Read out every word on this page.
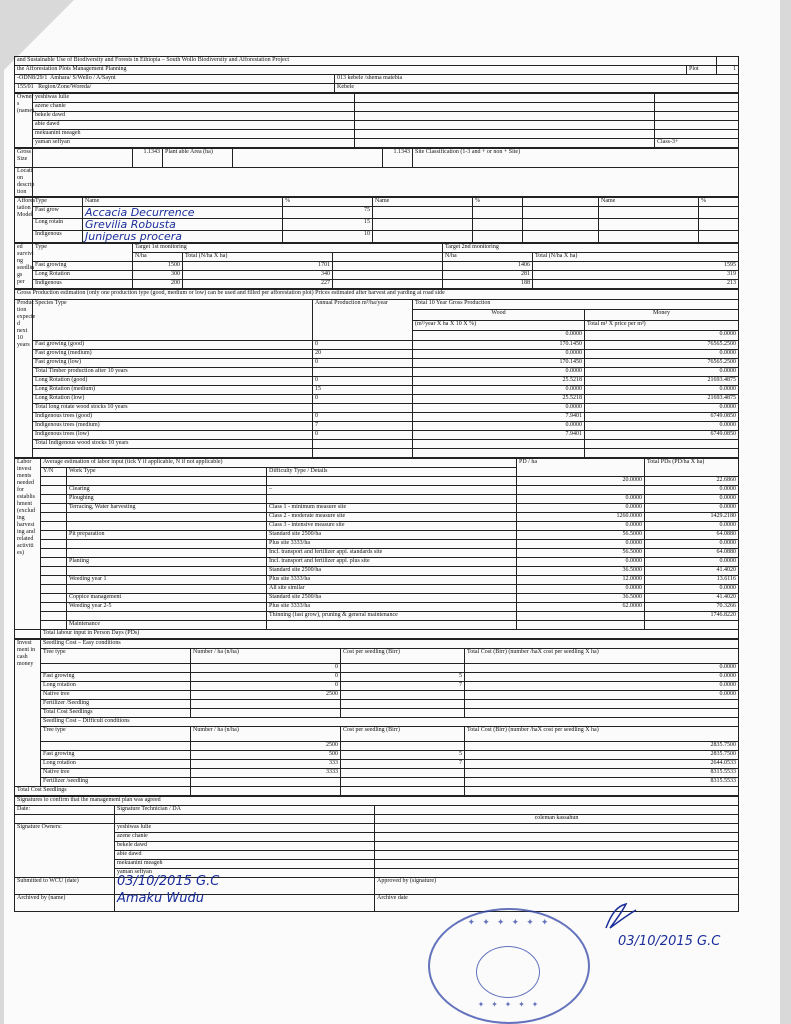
and Sustainable Use of Biodiversity and Forests in Ethiopia – South Wollo Biodiversity and Afforestation Project			
the Afforestation Plots Management Planning		Plot	1
-ODN8/29/1 Amhara/ S/Wello / A/Saynt	013 kebele /shema matebia		
155/01 Region/Zone/Woreda/	Kebele		
Owner s (name)	yeshiwas lulie		
	azene chanie		
	bekele dawd		
	abie dawd		
	mekuanint meageh		
	yaman sefiyan		Class-3+
Gross Size		1.1343	Plant able Area (ha)		1.1343	Site Classification (1-3 and + or non + Site)
Locati on descrip tion						
Affores tation Model	Type	Name	%	Name	%		Name	%
	Fast grow	Accacia Decurrence	75					
	Long rotatn	Grevilia Robusta	15					
	Indigenous	Juniperus procera	10					
ed survivi ng seedlin gs per	Type	Target 1st monitoring			Target 2nd monitoring	
		N/ha	Total (N/ha X ha)		N/ha	Total (N/ha X ha)
	Fast growing	1500	1701		1406	1595
	Long Rotation	300	340		281	319
	Indigenous	200	227		188	213
Gross Production estimation (only one production type (good, medium or low) can be used and filled per afforestation plot) Prices estimated after harvest and yarding at road side				
Produc tion expecte d next 10 years	Species Type	Annual Production m³/ha/year	Total 10 Year Gross Production	
			Wood	Money
			(m³/year X ha X 10 X %)	Total m³ X price per m³)
			0.0000	0.0000
	Fast growing (good)	0	170.1450	76565.2500
	Fast growing (medium)	20	0.0000	0.0000
	Fast growing (low)	0	170.1450	76565.2500
	Total Timber production after 10 years		0.0000	0.0000
	Long Rotation (good)	0	25.5218	21693.4875
	Long Rotation (medium)	15	0.0000	0.0000
	Long Rotation (low)	0	25.5218	21693.4875
	Total long rotate wood stocks 10 years		0.0000	0.0000
	Indigenous trees (good)	0	7.9401	6749.0850
	Indigenous trees (medium)	7	0.0000	0.0000
	Indigenous trees (low)	0	7.9401	6749.0850
	Total Indigenous wood stocks 10 years			

Labor invest ments needed for establis hment (exclud ing harvest ing and related activiti es)	Average estimation of labor input (tick Y if applicable, N if not applicable)			PD / ha	Total PDs (PD/ha X ha)
	Y/N	Work Type	Difficulty Type / Details		
				20.0000	22.6860
		Clearing	–		0.0000
		Ploughing		0.0000	0.0000
		Terracing, Water harvesting	Class 1 - minimum measure site	0.0000	0.0000
			Class 2 - moderate measure site	1260.0000	1429.2180
			Class 3 - intensive measure site	0.0000	0.0000
		Pit preparation	Standard site 2500/ha	56.5000	64.0880
			Plus site 3333/ha	0.0000	0.0000
			Incl. transport and fertilizer appl. standards site	56.5000	64.0880
		Planting	Incl. transport and fertilizer appl. plus site	0.0000	0.0000
			Standard site 2500/ha	36.5000	41.4020
		Weeding year 1	Plus site 3333/ha	12.0000	13.6116
			All site similar	0.0000	0.0000
		Coppice management	Standard site 2500/ha	36.5000	41.4020
		Weeding year 2-5	Plus site 3333/ha	62.0000	70.3266
			Thinning (fast grow), pruning & general maintenance		1746.8220
		Maintenance			
	Total labour input in Person Days (PDs)				
Invest ment in cash money	Seedling Cost – Easy conditions			
	Tree type	Number / ha (n/ha)	Cost per seedling (Birr)	Total Cost (Birr) (number /haX cost per seedling X ha)
		0		0.0000
	Fast growing	0	5	0.0000
	Long rotation	0	7	0.0000
	Native tree	2500		0.0000
	Fertilizer /Seedling			
	Total Cost Seedlings			
	Seedling Cost – Difficult conditions			
	Tree type	Number / ha (n/ha)	Cost per seedling (Birr)	Total Cost (Birr) (number /haX cost per seedling X ha)
		2500		2835.7500
	Fast growing	500	5	2835.7500
	Long rotation	333	7	2644.0533
	Native tree	3333		8315.5533
	Fertilizer /seedling			8315.5533
Total Cost Seedlings				
Signatures to confirm that the management plan was agreed		
Date:	Signature Technician / DA	
		coleman kassahun
Signature Owners:	yeshiwas lulie	
	azene chanie	
	bekele dawd	
	abie dawd	
	mekuanint meageh	
	yaman sefiyan	
Submitted to WCU (date)	03/10/2015 G.C	Approved by (signature)
Archived by (name)	Amaku Wudu	Archive date
03/10/2015 G.C
✦ ✦ ✦ ✦ ✦ ✦
✦ ✦ ✦ ✦ ✦
